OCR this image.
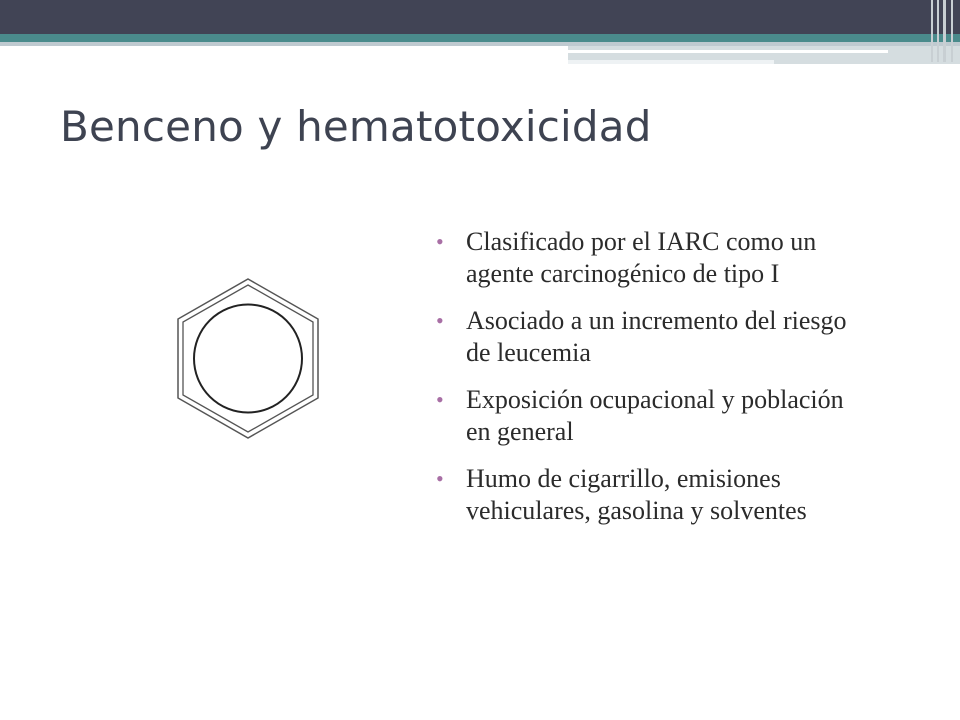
Benceno y hematotoxicidad
• Clasificado por el IARC como un agente carcinogénico de tipo I
• Asociado a un incremento del riesgo de leucemia
• Exposición ocupacional y población en general
• Humo de cigarrillo, emisiones vehiculares, gasolina y solventes
